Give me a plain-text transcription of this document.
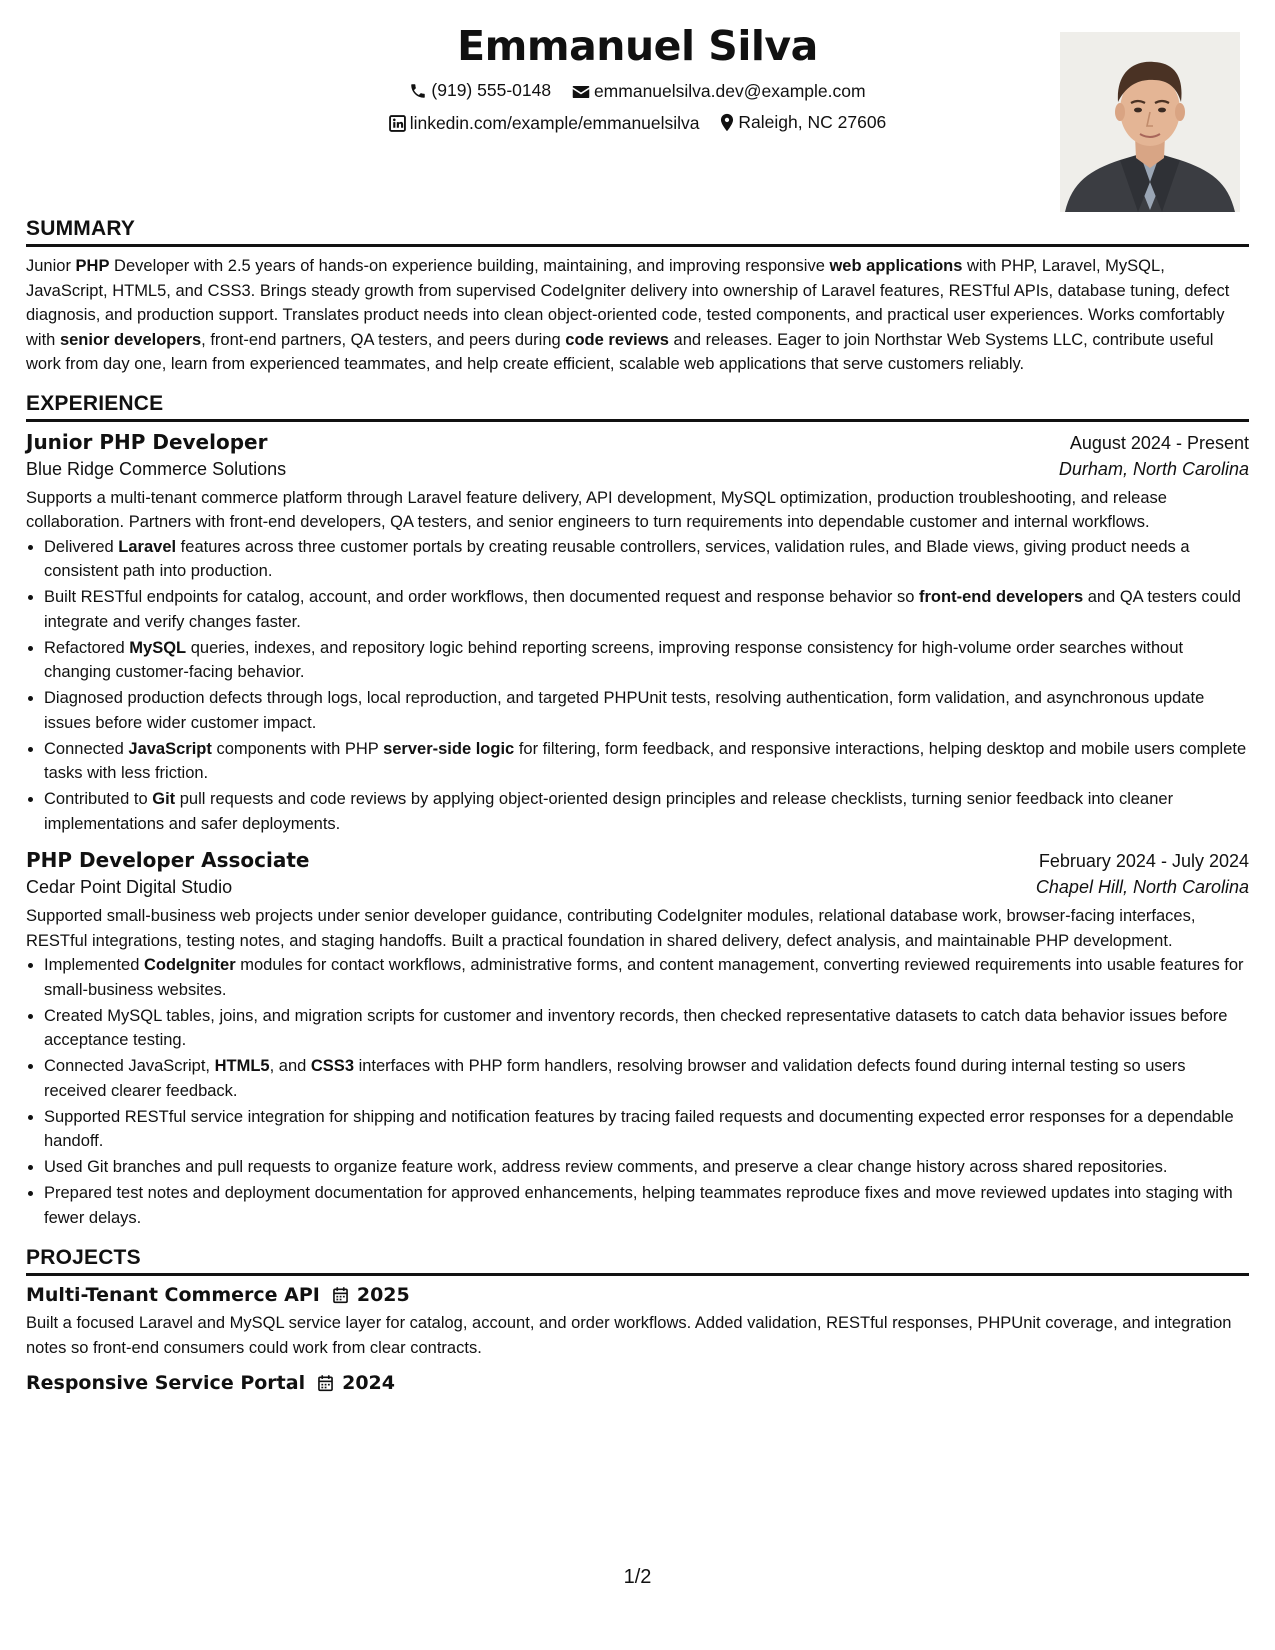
Emmanuel Silva
(919) 555-0148
emmanuelsilva.dev@example.com
linkedin.com/example/emmanuelsilva
Raleigh, NC 27606
SUMMARY

Junior PHP Developer with 2.5 years of hands-on experience building, maintaining, and improving responsive web applications with PHP, Laravel, MySQL, JavaScript, HTML5, and CSS3. Brings steady growth from supervised CodeIgniter delivery into ownership of Laravel features, RESTful APIs, database tuning, defect diagnosis, and production support. Translates product needs into clean object-oriented code, tested components, and practical user experiences. Works comfortably with senior developers, front-end partners, QA testers, and peers during code reviews and releases. Eager to join Northstar Web Systems LLC, contribute useful work from day one, learn from experienced teammates, and help create efficient, scalable web applications that serve customers reliably.

EXPERIENCE
Junior PHP Developer	August 2024 - Present
Blue Ridge Commerce Solutions	Durham, North Carolina

Supports a multi-tenant commerce platform through Laravel feature delivery, API development, MySQL optimization, production troubleshooting, and release collaboration. Partners with front-end developers, QA testers, and senior engineers to turn requirements into dependable customer and internal workflows.

• Delivered Laravel features across three customer portals by creating reusable controllers, services, validation rules, and Blade views, giving product needs a consistent path into production.
• Built RESTful endpoints for catalog, account, and order workflows, then documented request and response behavior so front-end developers and QA testers could integrate and verify changes faster.
• Refactored MySQL queries, indexes, and repository logic behind reporting screens, improving response consistency for high-volume order searches without changing customer-facing behavior.
• Diagnosed production defects through logs, local reproduction, and targeted PHPUnit tests, resolving authentication, form validation, and asynchronous update issues before wider customer impact.
• Connected JavaScript components with PHP server-side logic for filtering, form feedback, and responsive interactions, helping desktop and mobile users complete tasks with less friction.
• Contributed to Git pull requests and code reviews by applying object-oriented design principles and release checklists, turning senior feedback into cleaner implementations and safer deployments.
PHP Developer Associate	February 2024 - July 2024
Cedar Point Digital Studio	Chapel Hill, North Carolina

Supported small-business web projects under senior developer guidance, contributing CodeIgniter modules, relational database work, browser-facing interfaces, RESTful integrations, testing notes, and staging handoffs. Built a practical foundation in shared delivery, defect analysis, and maintainable PHP development.

• Implemented CodeIgniter modules for contact workflows, administrative forms, and content management, converting reviewed requirements into usable features for small-business websites.
• Created MySQL tables, joins, and migration scripts for customer and inventory records, then checked representative datasets to catch data behavior issues before acceptance testing.
• Connected JavaScript, HTML5, and CSS3 interfaces with PHP form handlers, resolving browser and validation defects found during internal testing so users received clearer feedback.
• Supported RESTful service integration for shipping and notification features by tracing failed requests and documenting expected error responses for a dependable handoff.
• Used Git branches and pull requests to organize feature work, address review comments, and preserve a clear change history across shared repositories.
• Prepared test notes and deployment documentation for approved enhancements, helping teammates reproduce fixes and move reviewed updates into staging with fewer delays.
PROJECTS
Multi-Tenant Commerce API 2025

Built a focused Laravel and MySQL service layer for catalog, account, and order workflows. Added validation, RESTful responses, PHPUnit coverage, and integration notes so front-end consumers could work from clear contracts.

Responsive Service Portal 2024
1/2
